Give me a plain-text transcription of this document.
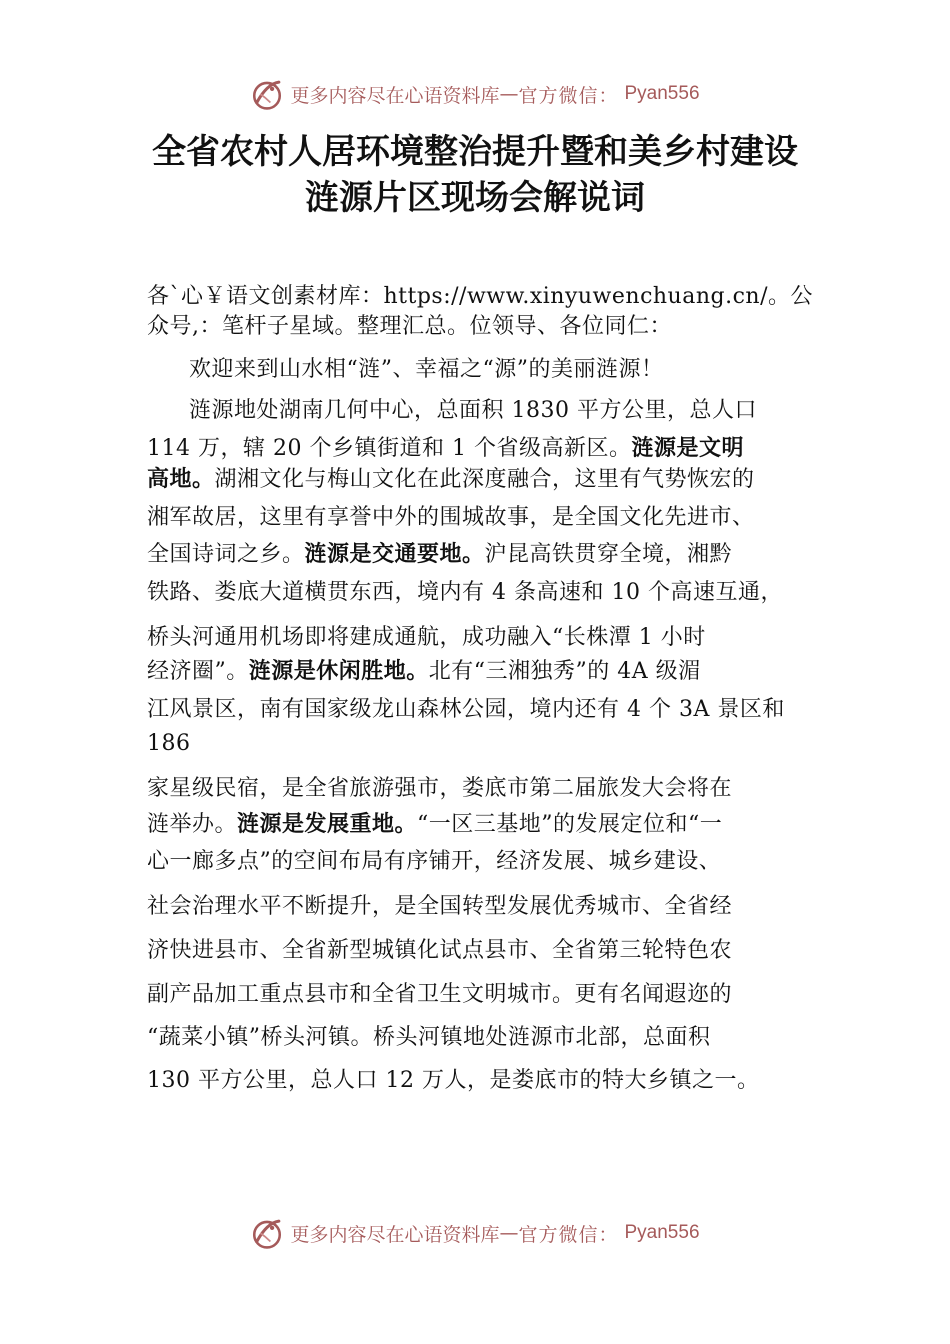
更多内容尽在心语资料库 — 官方微信： Pyan556
全省农村人居环境整治提升暨和美乡村建设
涟源片区现场会解说词
各`心￥语文创素材库：https://www.xinyuwenchuang.cn/。公
众号,：笔杆子星域。整理汇总。位领导、各位同仁：
欢迎来到山水相“涟”、幸福之“源”的美丽涟源！
涟源地处湖南几何中心，总面积 1830 平方公里，总人口
114 万，辖 20 个乡镇街道和 1 个省级高新区。涟源是文明
高地。湖湘文化与梅山文化在此深度融合，这里有气势恢宏的
湘军故居，这里有享誉中外的围城故事，是全国文化先进市、
全国诗词之乡。涟源是交通要地。沪昆高铁贯穿全境，湘黔
铁路、娄底大道横贯东西，境内有 4 条高速和 10 个高速互通，
桥头河通用机场即将建成通航，成功融入“长株潭 1 小时
经济圈”。涟源是休闲胜地。北有“三湘独秀”的 4A 级湄
江风景区，南有国家级龙山森林公园，境内还有 4 个 3A 景区和
186
家星级民宿，是全省旅游强市，娄底市第二届旅发大会将在
涟举办。涟源是发展重地。“一区三基地”的发展定位和“一
心一廊多点”的空间布局有序铺开，经济发展、城乡建设、
社会治理水平不断提升，是全国转型发展优秀城市、全省经
济快进县市、全省新型城镇化试点县市、全省第三轮特色农
副产品加工重点县市和全省卫生文明城市。更有名闻遐迩的
“蔬菜小镇”桥头河镇。桥头河镇地处涟源市北部，总面积
130 平方公里，总人口 12 万人，是娄底市的特大乡镇之一。
更多内容尽在心语资料库 — 官方微信： Pyan556
